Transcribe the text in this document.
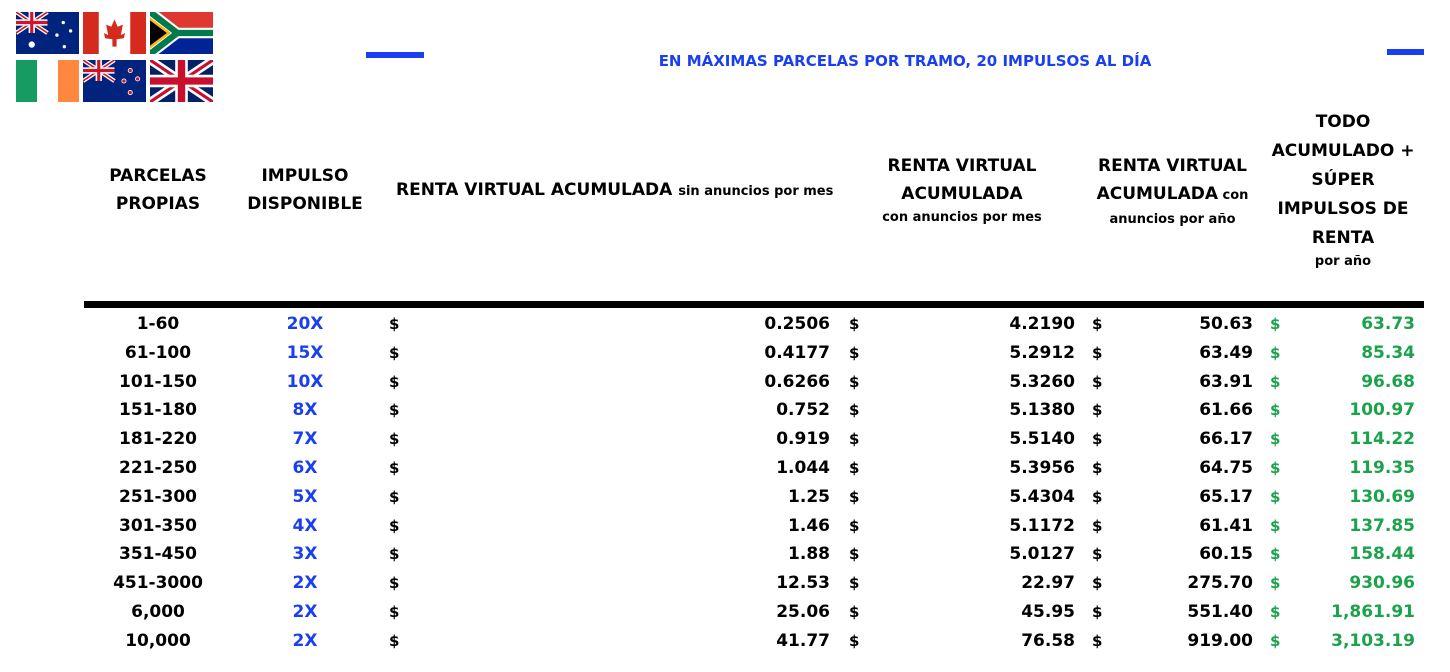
EN MÁXIMAS PARCELAS POR TRAMO, 20 IMPULSOS AL DÍA
PARCELAS
PROPIAS
IMPULSO
DISPONIBLE
RENTA VIRTUAL ACUMULADA sin anuncios por mes
RENTA VIRTUAL
ACUMULADA
con anuncios por mes
RENTA VIRTUAL
ACUMULADA con
anuncios por año
TODO
ACUMULADO +
SÚPER
IMPULSOS DE
RENTA
por año
1-60	20X	$	0.2506 $	4.2190 $	50.63 $	63.73
61-100	15X	$	0.4177 $	5.2912 $	63.49 $	85.34
101-150	10X	$	0.6266 $	5.3260 $	63.91 $	96.68
151-180	8X	$	0.752 $	5.1380 $	61.66 $	100.97
181-220	7X	$	0.919 $	5.5140 $	66.17 $	114.22
221-250	6X	$	1.044 $	5.3956 $	64.75 $	119.35
251-300	5X	$	1.25 $	5.4304 $	65.17 $	130.69
301-350	4X	$	1.46 $	5.1172 $	61.41 $	137.85
351-450	3X	$	1.88 $	5.0127 $	60.15 $	158.44
451-3000	2X	$	12.53 $	22.97 $	275.70 $	930.96
6,000	2X	$	25.06 $	45.95 $	551.40 $	1,861.91
10,000	2X	$	41.77 $	76.58 $	919.00 $	3,103.19
